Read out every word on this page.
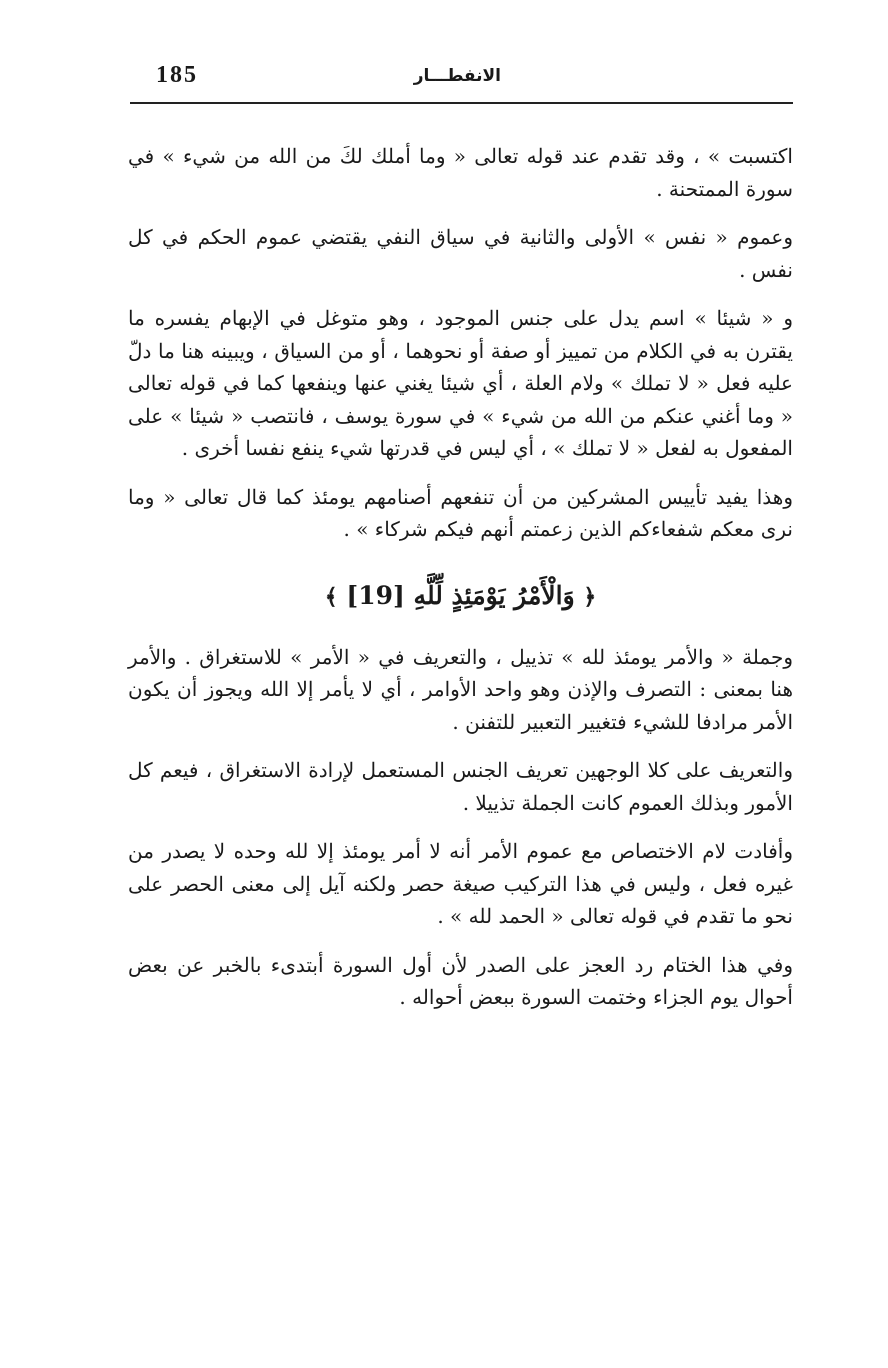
185	الانفطـــار

اكتسبت » ، وقد تقدم عند قوله تعالى « وما أملك لكَ من الله من شيء » في سورة الممتحنة .

وعموم « نفس » الأولى والثانية في سياق النفي يقتضي عموم الحكم في كل نفس .

و « شيئا » اسم يدل على جنس الموجود ، وهو متوغل في الإبهام يفسره ما يقترن به في الكلام من تمييز أو صفة أو نحوهما ، أو من السياق ، ويبينه هنا ما دلّ عليه فعل « لا تملك » ولام العلة ، أي شيئا يغني عنها وينفعها كما في قوله تعالى « وما أغني عنكم من الله من شيء » في سورة يوسف ، فانتصب « شيئا » على المفعول به لفعل « لا تملك » ، أي ليس في قدرتها شيء ينفع نفسا أخرى .

وهذا يفيد تأييس المشركين من أن تنفعهم أصنامهم يومئذ كما قال تعالى « وما نرى معكم شفعاءكم الذين زعمتم أنهم فيكم شركاء » .

﴿ وَالْأَمْرُ يَوْمَئِذٍ لِّلَّهِ [19] ﴾

وجملة « والأمر يومئذ لله » تذييل ، والتعريف في « الأمر » للاستغراق . والأمر هنا بمعنى : التصرف والإذن وهو واحد الأوامر ، أي لا يأمر إلا الله ويجوز أن يكون الأمر مرادفا للشيء فتغيير التعبير للتفنن .

والتعريف على كلا الوجهين تعريف الجنس المستعمل لإرادة الاستغراق ، فيعم كل الأمور وبذلك العموم كانت الجملة تذييلا .

وأفادت لام الاختصاص مع عموم الأمر أنه لا أمر يومئذ إلا لله وحده لا يصدر من غيره فعل ، وليس في هذا التركيب صيغة حصر ولكنه آيل إلى معنى الحصر على نحو ما تقدم في قوله تعالى « الحمد لله » .

وفي هذا الختام رد العجز على الصدر لأن أول السورة أبتدىء بالخبر عن بعض أحوال يوم الجزاء وختمت السورة ببعض أحواله .
